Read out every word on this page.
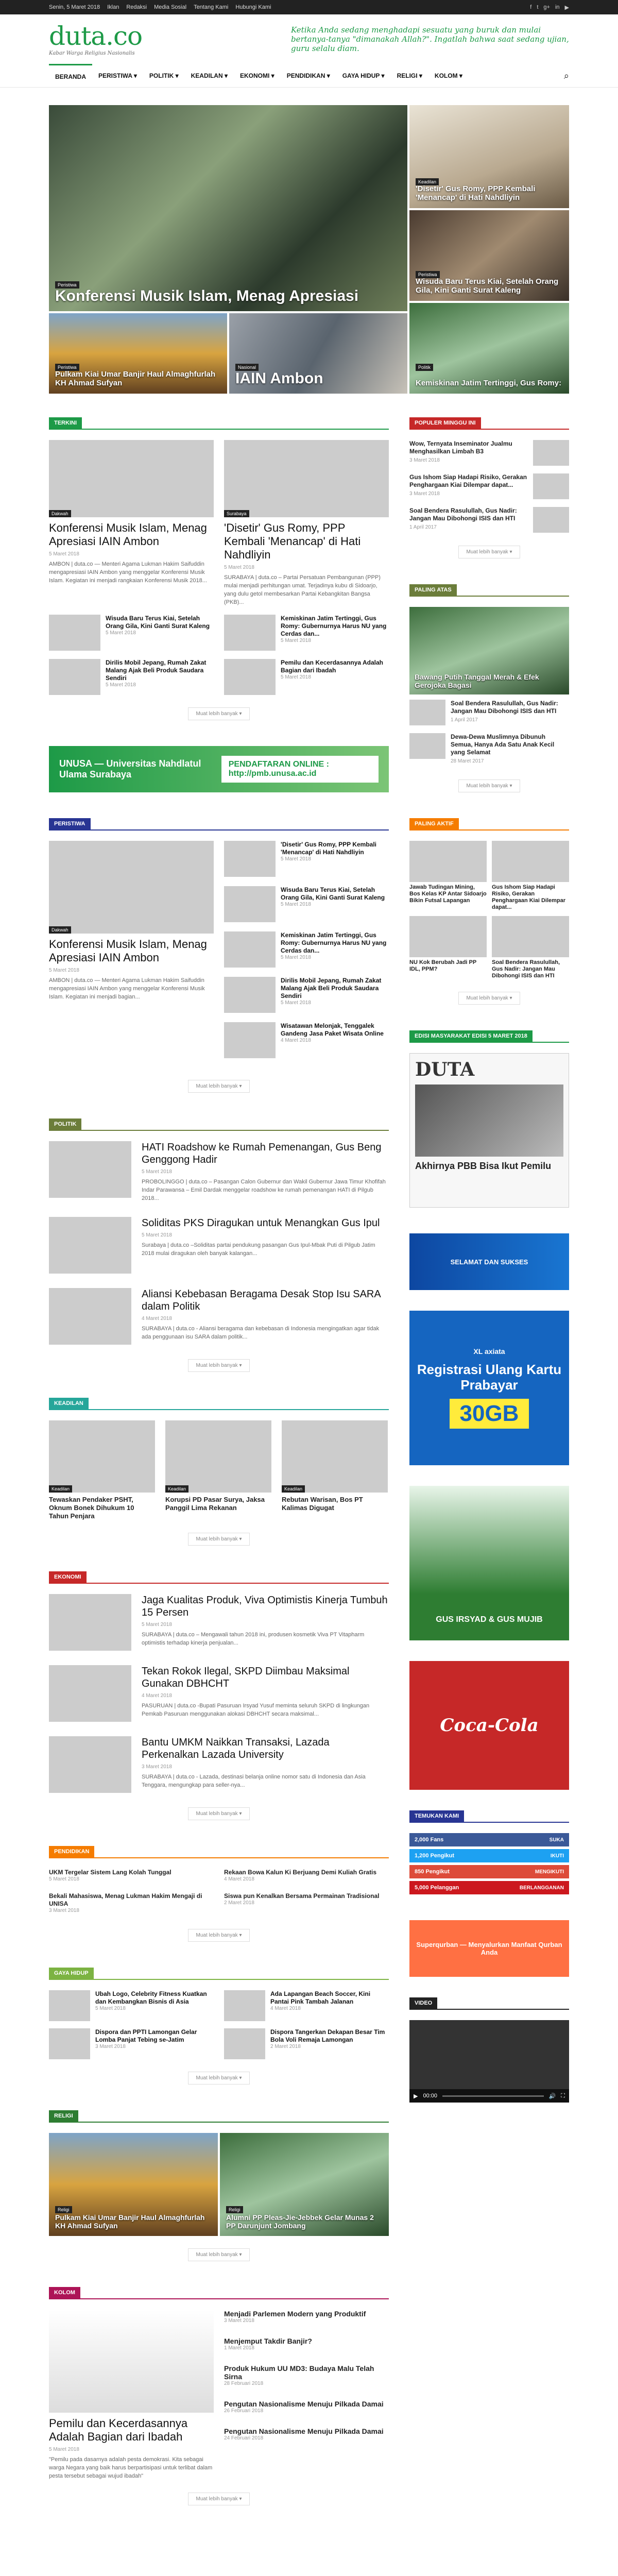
Senin, 5 Maret 2018 Iklan Redaksi Media Sosial Tentang Kami Hubungi Kami	f t g+ in ▶
duta.co
Kabar Warga Religius Nasionalis
Ketika Anda sedang menghadapi sesuatu yang buruk dan mulai bertanya-tanya "dimanakah Allah?". Ingatlah bahwa saat sedang ujian, guru selalu diam.
BERANDA	PERISTIWA ▾	POLITIK ▾	KEADILAN ▾	EKONOMI ▾	PENDIDIKAN ▾	GAYA HIDUP ▾	RELIGI ▾	KOLOM ▾	⌕
Peristiwa
Konferensi Musik Islam, Menag Apresiasi
Peristiwa
Pulkam Kiai Umar Banjir Haul Almaghfurlah KH Ahmad Sufyan
Nasional
IAIN Ambon
Keadilan
'Disetir' Gus Romy, PPP Kembali 'Menancap' di Hati Nahdliyin
Peristiwa
Wisuda Baru Terus Kiai, Setelah Orang Gila, Kini Ganti Surat Kaleng
Politik
Kemiskinan Jatim Tertinggi, Gus Romy:
TERKINI
Dakwah
Konferensi Musik Islam, Menag Apresiasi IAIN Ambon
5 Maret 2018
AMBON | duta.co — Menteri Agama Lukman Hakim Saifuddin mengapresiasi IAIN Ambon yang menggelar Konferensi Musik Islam. Kegiatan ini menjadi rangkaian Konferensi Musik 2018...
Surabaya
'Disetir' Gus Romy, PPP Kembali 'Menancap' di Hati Nahdliyin
5 Maret 2018
SURABAYA | duta.co – Partai Persatuan Pembangunan (PPP) mulai menjadi perhitungan umat. Terjadinya kubu di Sidoarjo, yang dulu getol membesarkan Partai Kebangkitan Bangsa (PKB)...
Wisuda Baru Terus Kiai, Setelah Orang Gila, Kini Ganti Surat Kaleng
5 Maret 2018
Kemiskinan Jatim Tertinggi, Gus Romy: Gubernurnya Harus NU yang Cerdas dan...
5 Maret 2018
Dirilis Mobil Jepang, Rumah Zakat Malang Ajak Beli Produk Saudara Sendiri
5 Maret 2018
Pemilu dan Kecerdasannya Adalah Bagian dari Ibadah
5 Maret 2018
Muat lebih banyak ▾
UNUSA — Universitas Nahdlatul Ulama Surabaya
PENDAFTARAN ONLINE : http://pmb.unusa.ac.id
PERISTIWA
Dakwah
Konferensi Musik Islam, Menag Apresiasi IAIN Ambon
5 Maret 2018
AMBON | duta.co — Menteri Agama Lukman Hakim Saifuddin mengapresiasi IAIN Ambon yang menggelar Konferensi Musik Islam. Kegiatan ini menjadi bagian...
'Disetir' Gus Romy, PPP Kembali 'Menancap' di Hati Nahdliyin
5 Maret 2018
Wisuda Baru Terus Kiai, Setelah Orang Gila, Kini Ganti Surat Kaleng
5 Maret 2018
Kemiskinan Jatim Tertinggi, Gus Romy: Gubernurnya Harus NU yang Cerdas dan...
5 Maret 2018
Dirilis Mobil Jepang, Rumah Zakat Malang Ajak Beli Produk Saudara Sendiri
5 Maret 2018
Wisatawan Melonjak, Tenggalek Gandeng Jasa Paket Wisata Online
4 Maret 2018
Muat lebih banyak ▾
POLITIK
HATI Roadshow ke Rumah Pemenangan, Gus Beng Genggong Hadir
5 Maret 2018
PROBOLINGGO | duta.co – Pasangan Calon Gubernur dan Wakil Gubernur Jawa Timur Khofifah Indar Parawansa – Emil Dardak menggelar roadshow ke rumah pemenangan HATI di Pilgub 2018...
Soliditas PKS Diragukan untuk Menangkan Gus Ipul
5 Maret 2018
Surabaya | duta.co –Soliditas partai pendukung pasangan Gus Ipul-Mbak Puti di Pilgub Jatim 2018 mulai diragukan oleh banyak kalangan...
Aliansi Kebebasan Beragama Desak Stop Isu SARA dalam Politik
4 Maret 2018
SURABAYA | duta.co - Aliansi beragama dan kebebasan di Indonesia mengingatkan agar tidak ada penggunaan isu SARA dalam politik...
Muat lebih banyak ▾
KEADILAN
Keadilan
Tewaskan Pendaker PSHT, Oknum Bonek Dihukum 10 Tahun Penjara
Keadilan
Korupsi PD Pasar Surya, Jaksa Panggil Lima Rekanan
Keadilan
Rebutan Warisan, Bos PT Kalimas Digugat
Muat lebih banyak ▾
EKONOMI
Jaga Kualitas Produk, Viva Optimistis Kinerja Tumbuh 15 Persen
5 Maret 2018
SURABAYA | duta.co – Mengawali tahun 2018 ini, produsen kosmetik Viva PT Vitapharm optimistis terhadap kinerja penjualan...
Tekan Rokok Ilegal, SKPD Diimbau Maksimal Gunakan DBHCHT
4 Maret 2018
PASURUAN | duta.co -Bupati Pasuruan Irsyad Yusuf meminta seluruh SKPD di lingkungan Pemkab Pasuruan menggunakan alokasi DBHCHT secara maksimal...
Bantu UMKM Naikkan Transaksi, Lazada Perkenalkan Lazada University
3 Maret 2018
SURABAYA | duta.co - Lazada, destinasi belanja online nomor satu di Indonesia dan Asia Tenggara, mengungkap para seller-nya...
Muat lebih banyak ▾
PENDIDIKAN
UKM Tergelar Sistem Lang Kolah Tunggal
5 Maret 2018
Rekaan Bowa Kalun Ki Berjuang Demi Kuliah Gratis
4 Maret 2018
Bekali Mahasiswa, Menag Lukman Hakim Mengaji di UNISA
3 Maret 2018
Siswa pun Kenalkan Bersama Permainan Tradisional
2 Maret 2018
Muat lebih banyak ▾
GAYA HIDUP
Ubah Logo, Celebrity Fitness Kuatkan dan Kembangkan Bisnis di Asia
5 Maret 2018
Ada Lapangan Beach Soccer, Kini Pantai Pink Tambah Jalanan
4 Maret 2018
Dispora dan PPTI Lamongan Gelar Lomba Panjat Tebing se-Jatim
3 Maret 2018
Dispora Tangerkan Dekapan Besar Tim Bola Voli Remaja Lamongan
2 Maret 2018
Muat lebih banyak ▾
RELIGI
Religi
Pulkam Kiai Umar Banjir Haul Almaghfurlah KH Ahmad Sufyan
Religi
Alumni PP Pleas-Jie-Jebbek Gelar Munas 2 PP Darunjunt Jombang
Muat lebih banyak ▾
KOLOM
Pemilu dan Kecerdasannya Adalah Bagian dari Ibadah
5 Maret 2018
"Pemilu pada dasarnya adalah pesta demokrasi. Kita sebagai warga Negara yang baik harus berpartisipasi untuk terlibat dalam pesta tersebut sebagai wujud ibadah"
Menjadi Parlemen Modern yang Produktif
3 Maret 2018
Menjemput Takdir Banjir?
1 Maret 2018
Produk Hukum UU MD3: Budaya Malu Telah Sirna
28 Februari 2018
Pengutan Nasionalisme Menuju Pilkada Damai
26 Februari 2018
Pengutan Nasionalisme Menuju Pilkada Damai
24 Februari 2018
Muat lebih banyak ▾
POPULER MINGGU INI
Wow, Ternyata Inseminator Jualmu Menghasilkan Limbah B3
3 Maret 2018
Gus Ishom Siap Hadapi Risiko, Gerakan Penghargaan Kiai Dilempar dapat...
3 Maret 2018
Soal Bendera Rasulullah, Gus Nadir: Jangan Mau Dibohongi ISIS dan HTI
1 April 2017
Muat lebih banyak ▾
PALING ATAS
Bawang Putih Tanggal Merah & Efek Gerojoka Bagasi
Soal Bendera Rasulullah, Gus Nadir: Jangan Mau Dibohongi ISIS dan HTI
1 April 2017
Dewa-Dewa Muslimnya Dibunuh Semua, Hanya Ada Satu Anak Kecil yang Selamat
28 Maret 2017
Muat lebih banyak ▾
PALING AKTIF
Jawab Tudingan Mining, Bos Kelas KP Antar Sidoarjo Bikin Futsal Lapangan
Gus Ishom Siap Hadapi Risiko, Gerakan Penghargaan Kiai Dilempar dapat...
NU Kok Berubah Jadi PP IDL, PPM?
Soal Bendera Rasulullah, Gus Nadir: Jangan Mau Dibohongi ISIS dan HTI
Muat lebih banyak ▾
EDISI MASYARAKAT EDISI 5 MARET 2018
DUTA
Akhirnya PBB Bisa Ikut Pemilu
SELAMAT DAN SUKSES
XL axiata
Registrasi Ulang Kartu Prabayar
30GB
GUS IRSYAD & GUS MUJIB
Coca-Cola
TEMUKAN KAMI
2,000
Fans	SUKA
1,200
Pengikut	IKUTI
850
Pengikut	MENGIKUTI
5,000
Pelanggan	BERLANGGANAN
Superqurban — Menyalurkan Manfaat Qurban Anda
VIDEO
▶ 00:00	🔊 ⛶
